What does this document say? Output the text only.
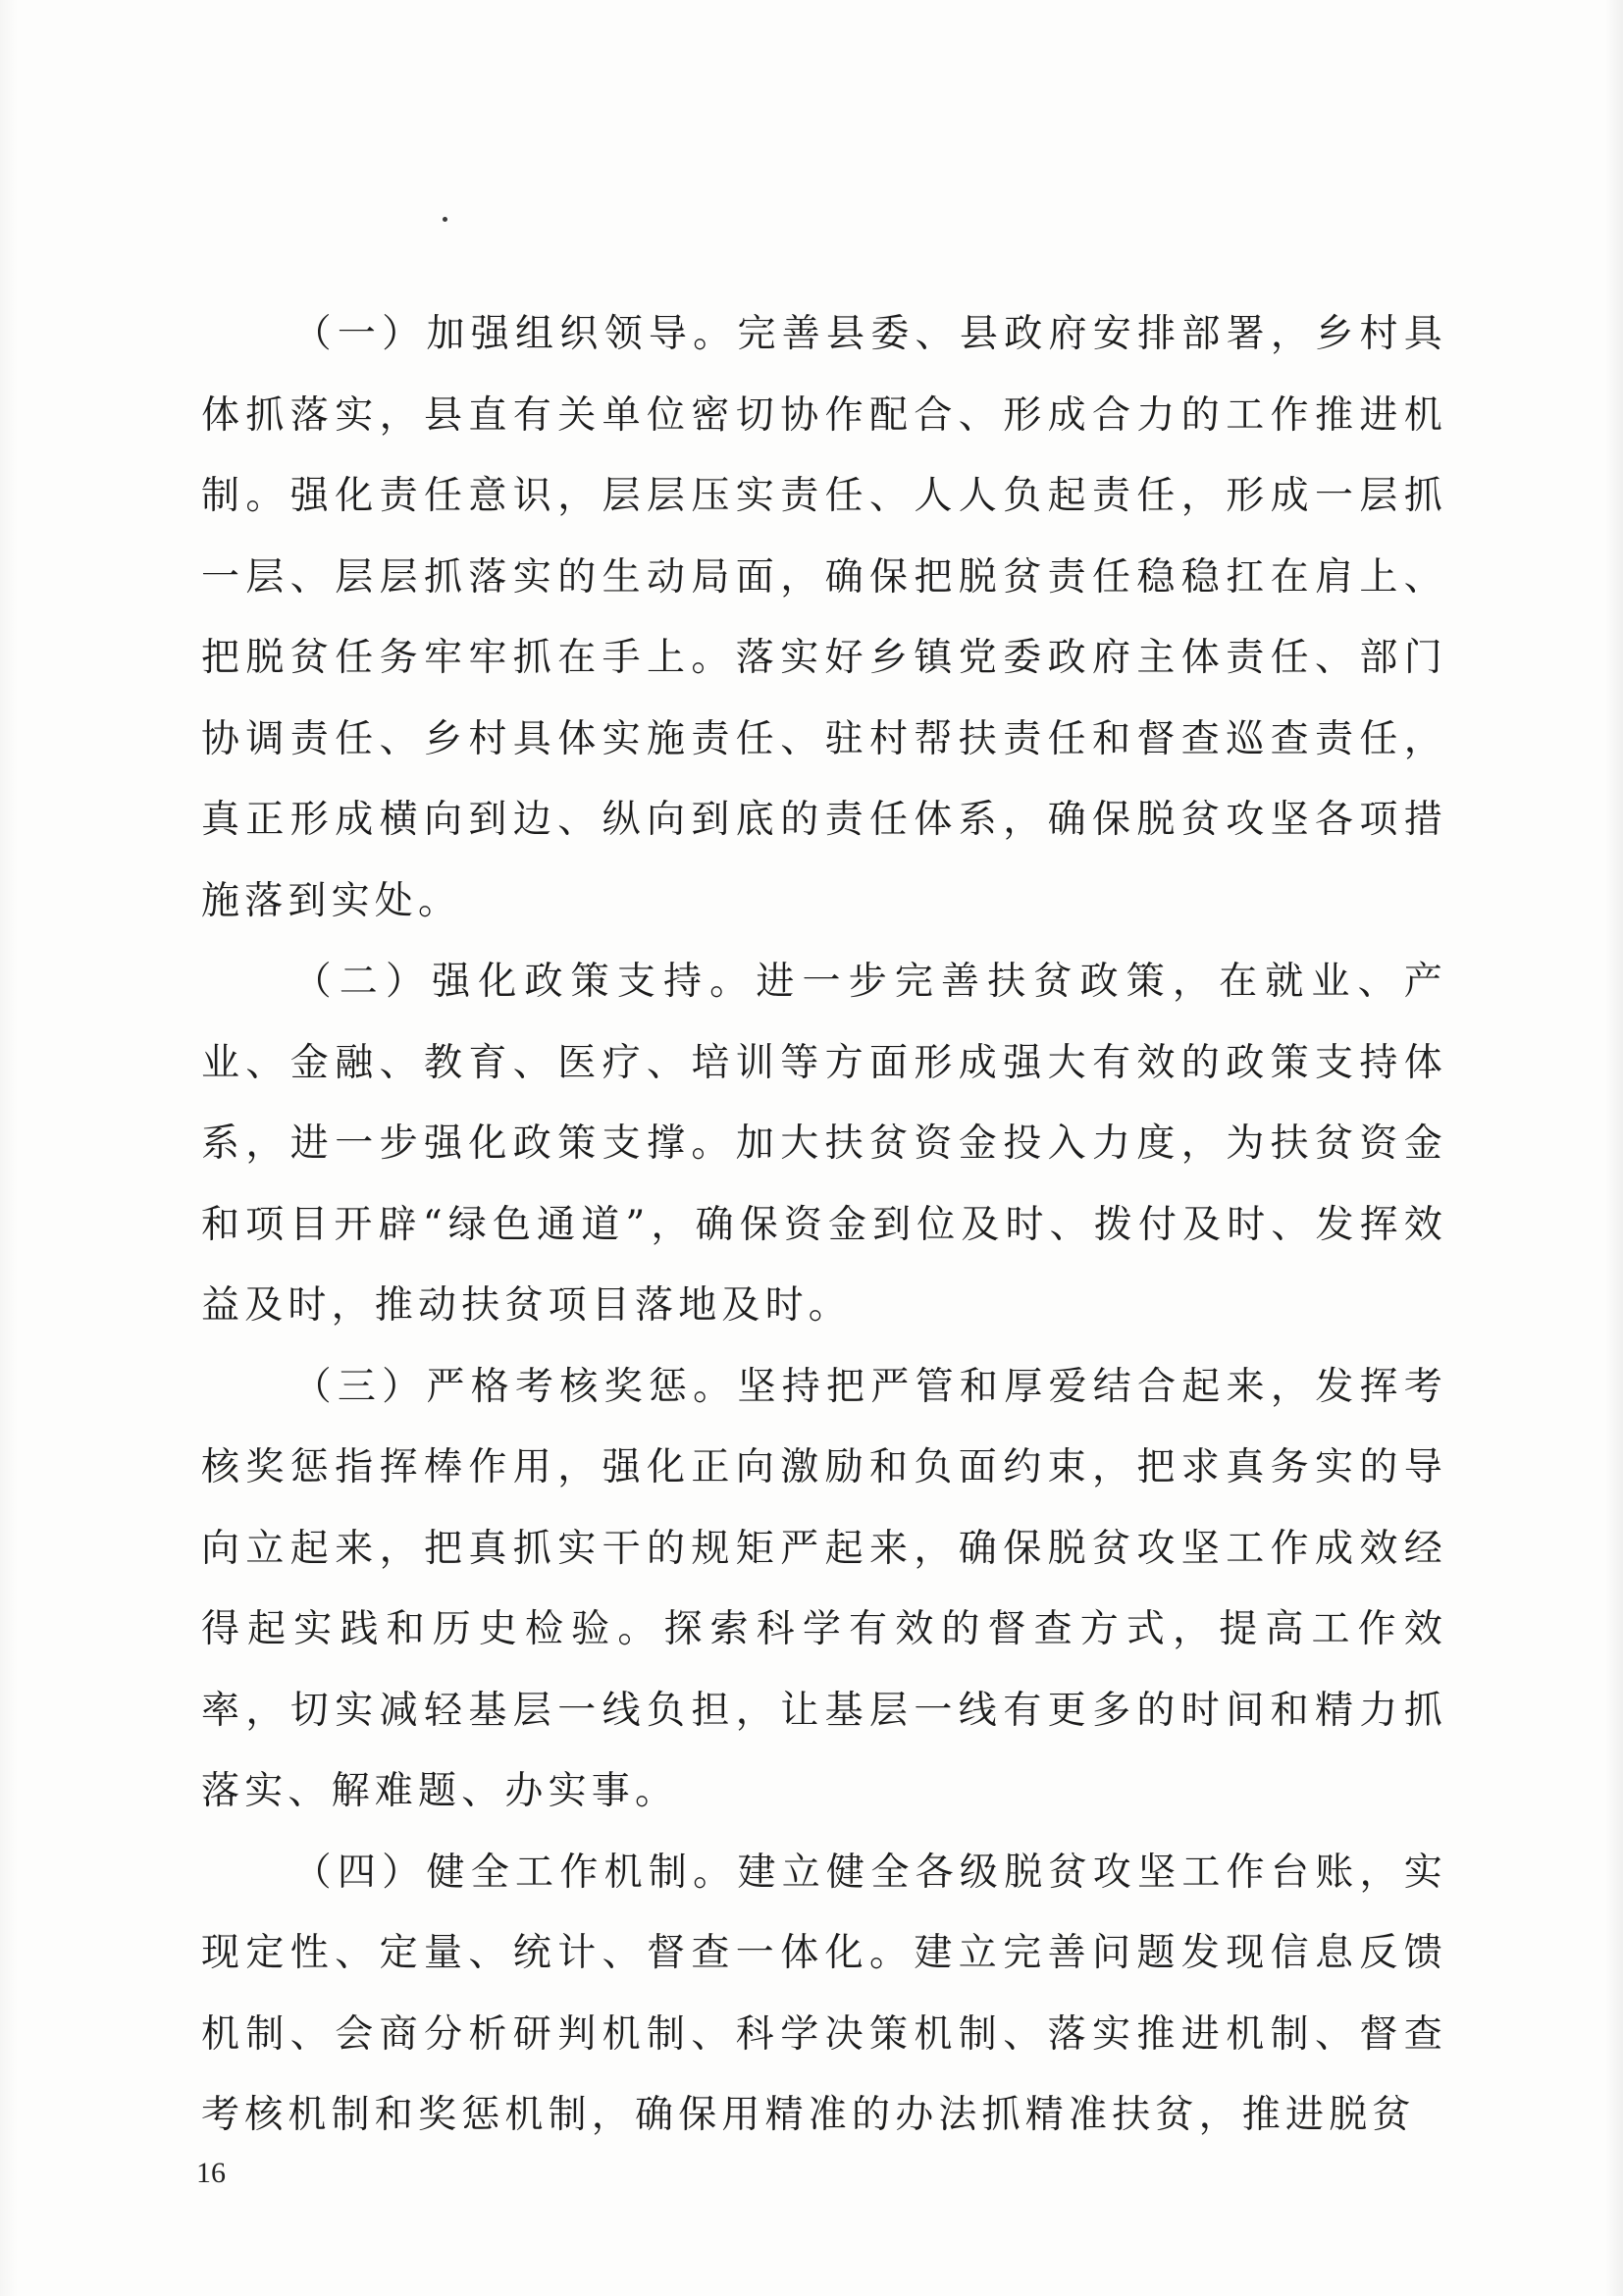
（一）加强组织领导。完善县委、县政府安排部署，乡村具体抓落实，县直有关单位密切协作配合、形成合力的工作推进机制。强化责任意识，层层压实责任、人人负起责任，形成一层抓一层、层层抓落实的生动局面，确保把脱贫责任稳稳扛在肩上、把脱贫任务牢牢抓在手上。落实好乡镇党委政府主体责任、部门协调责任、乡村具体实施责任、驻村帮扶责任和督查巡查责任，真正形成横向到边、纵向到底的责任体系，确保脱贫攻坚各项措施落到实处。

（二）强化政策支持。进一步完善扶贫政策，在就业、产业、金融、教育、医疗、培训等方面形成强大有效的政策支持体系，进一步强化政策支撑。加大扶贫资金投入力度，为扶贫资金和项目开辟“绿色通道”，确保资金到位及时、拨付及时、发挥效益及时，推动扶贫项目落地及时。

（三）严格考核奖惩。坚持把严管和厚爱结合起来，发挥考核奖惩指挥棒作用，强化正向激励和负面约束，把求真务实的导向立起来，把真抓实干的规矩严起来，确保脱贫攻坚工作成效经得起实践和历史检验。探索科学有效的督查方式，提高工作效率，切实减轻基层一线负担，让基层一线有更多的时间和精力抓落实、解难题、办实事。

（四）健全工作机制。建立健全各级脱贫攻坚工作台账，实现定性、定量、统计、督查一体化。建立完善问题发现信息反馈机制、会商分析研判机制、科学决策机制、落实推进机制、督查考核机制和奖惩机制，确保用精准的办法抓精准扶贫，推进脱贫

16
